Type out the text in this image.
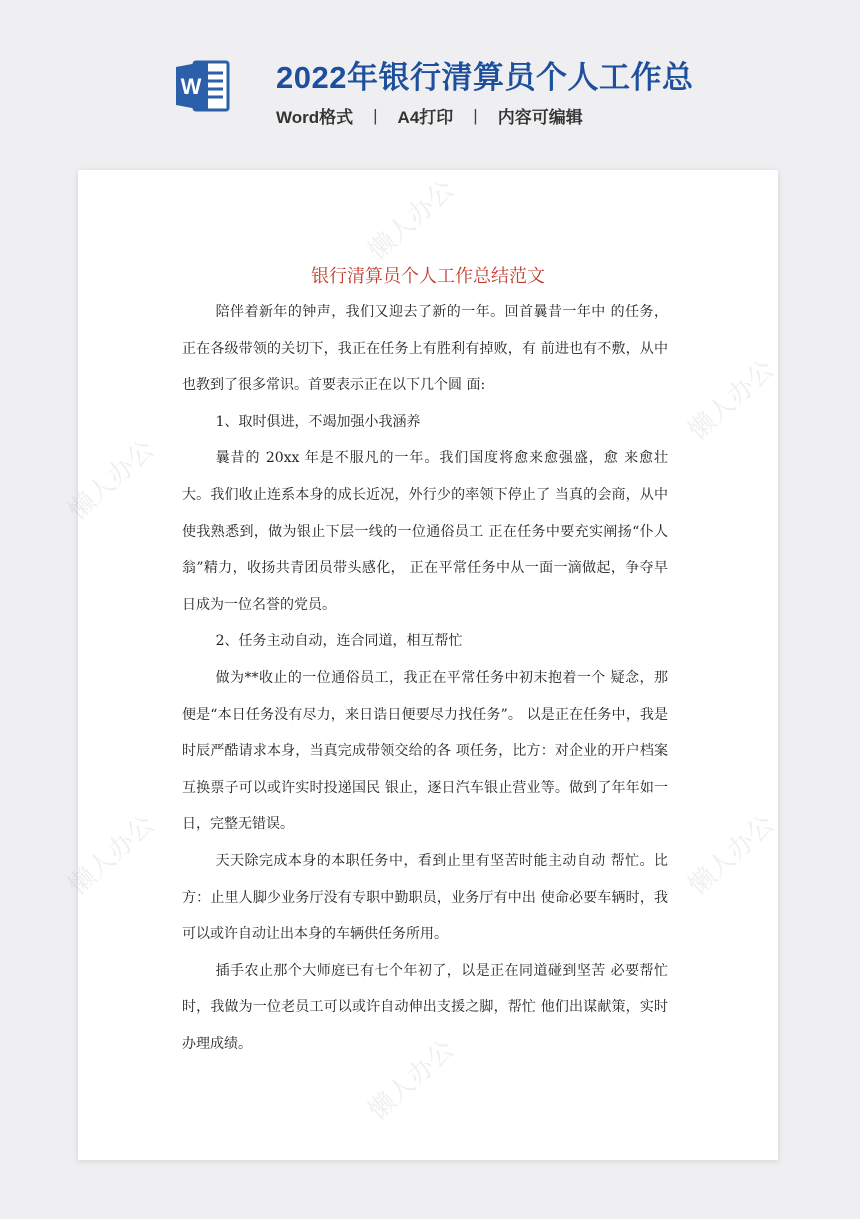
W 2022年银行清算员个人工作总
Word格式 | A4打印 | 内容可编辑
懒人办公
懒人办公
懒人办公
懒人办公	懒人办公
懒人办公
银行清算员个人工作总结范文

陪伴着新年的钟声，我们又迎去了新的一年。回首曩昔一年中 的任务，正在各级带领的关切下，我正在任务上有胜利有掉败，有 前进也有不敷，从中也教到了很多常识。首要表示正在以下几个圆 面:

1、取时俱进，不竭加强小我涵养

曩昔的 20xx 年是不服凡的一年。我们国度将愈来愈强盛，愈 来愈壮大。我们收止连系本身的成长近况，外行少的率领下停止了 当真的会商，从中使我熟悉到，做为银止下层一线的一位通俗员工 正在任务中要充实阐扬“仆人翁”精力，收扬共青团员带头感化， 正在平常任务中从一面一滴做起，争夺早日成为一位名誉的党员。

2、任务主动自动，连合同道，相互帮忙

做为**收止的一位通俗员工，我正在平常任务中初末抱着一个 疑念，那便是“本日任务没有尽力，来日诰日便要尽力找任务”。 以是正在任务中，我是时辰严酷请求本身，当真完成带领交给的各 项任务，比方：对企业的开户档案互换票子可以或许实时投递国民 银止，逐日汽车银止营业等。做到了年年如一日，完整无错误。

天天除完成本身的本职任务中，看到止里有坚苦时能主动自动 帮忙。比方：止里人脚少业务厅没有专职中勤职员，业务厅有中出 使命必要车辆时，我可以或许自动让出本身的车辆供任务所用。

插手农止那个大师庭已有七个年初了，以是正在同道碰到坚苦 必要帮忙时，我做为一位老员工可以或许自动伸出支援之脚，帮忙 他们出谋献策，实时办理成绩。
